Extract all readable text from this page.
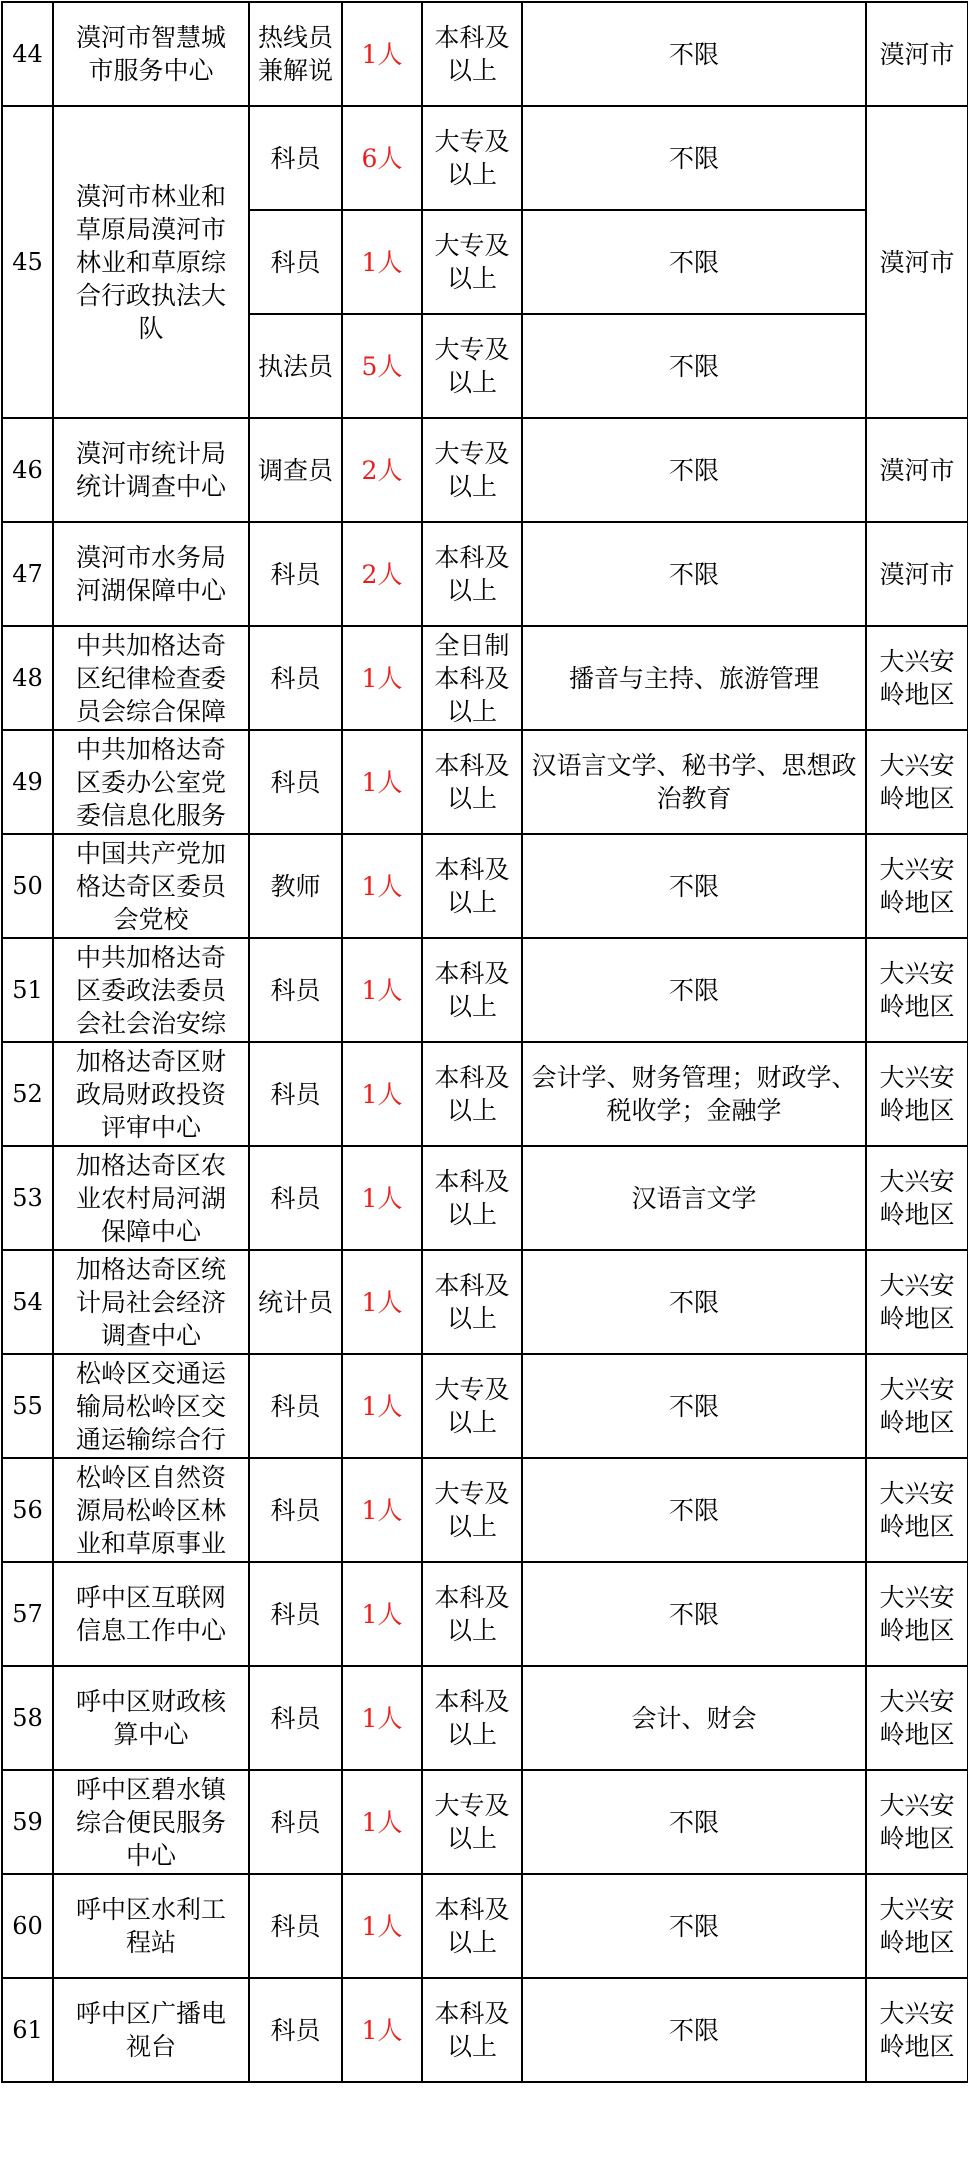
44	漠河市智慧城市服务中心	热线员兼解说	1人	本科及以上	不限	漠河市
45	漠河市林业和草原局漠河市林业和草原综合行政执法大队	科员	6人	大专及以上	不限	漠河市
		科员	1人	大专及以上	不限	
		执法员	5人	大专及以上	不限	
46	漠河市统计局统计调查中心	调查员	2人	大专及以上	不限	漠河市
47	漠河市水务局河湖保障中心	科员	2人	本科及以上	不限	漠河市
48	中共加格达奇区纪律检查委员会综合保障	科员	1人	全日制本科及以上	播音与主持、旅游管理	大兴安岭地区
49	中共加格达奇区委办公室党委信息化服务	科员	1人	本科及以上	汉语言文学、秘书学、思想政治教育	大兴安岭地区
50	中国共产党加格达奇区委员会党校	教师	1人	本科及以上	不限	大兴安岭地区
51	中共加格达奇区委政法委员会社会治安综	科员	1人	本科及以上	不限	大兴安岭地区
52	加格达奇区财政局财政投资评审中心	科员	1人	本科及以上	会计学、财务管理；财政学、税收学；金融学	大兴安岭地区
53	加格达奇区农业农村局河湖保障中心	科员	1人	本科及以上	汉语言文学	大兴安岭地区
54	加格达奇区统计局社会经济调查中心	统计员	1人	本科及以上	不限	大兴安岭地区
55	松岭区交通运输局松岭区交通运输综合行	科员	1人	大专及以上	不限	大兴安岭地区
56	松岭区自然资源局松岭区林业和草原事业	科员	1人	大专及以上	不限	大兴安岭地区
57	呼中区互联网信息工作中心	科员	1人	本科及以上	不限	大兴安岭地区
58	呼中区财政核算中心	科员	1人	本科及以上	会计、财会	大兴安岭地区
59	呼中区碧水镇综合便民服务中心	科员	1人	大专及以上	不限	大兴安岭地区
60	呼中区水利工程站	科员	1人	本科及以上	不限	大兴安岭地区
61	呼中区广播电视台	科员	1人	本科及以上	不限	大兴安岭地区
